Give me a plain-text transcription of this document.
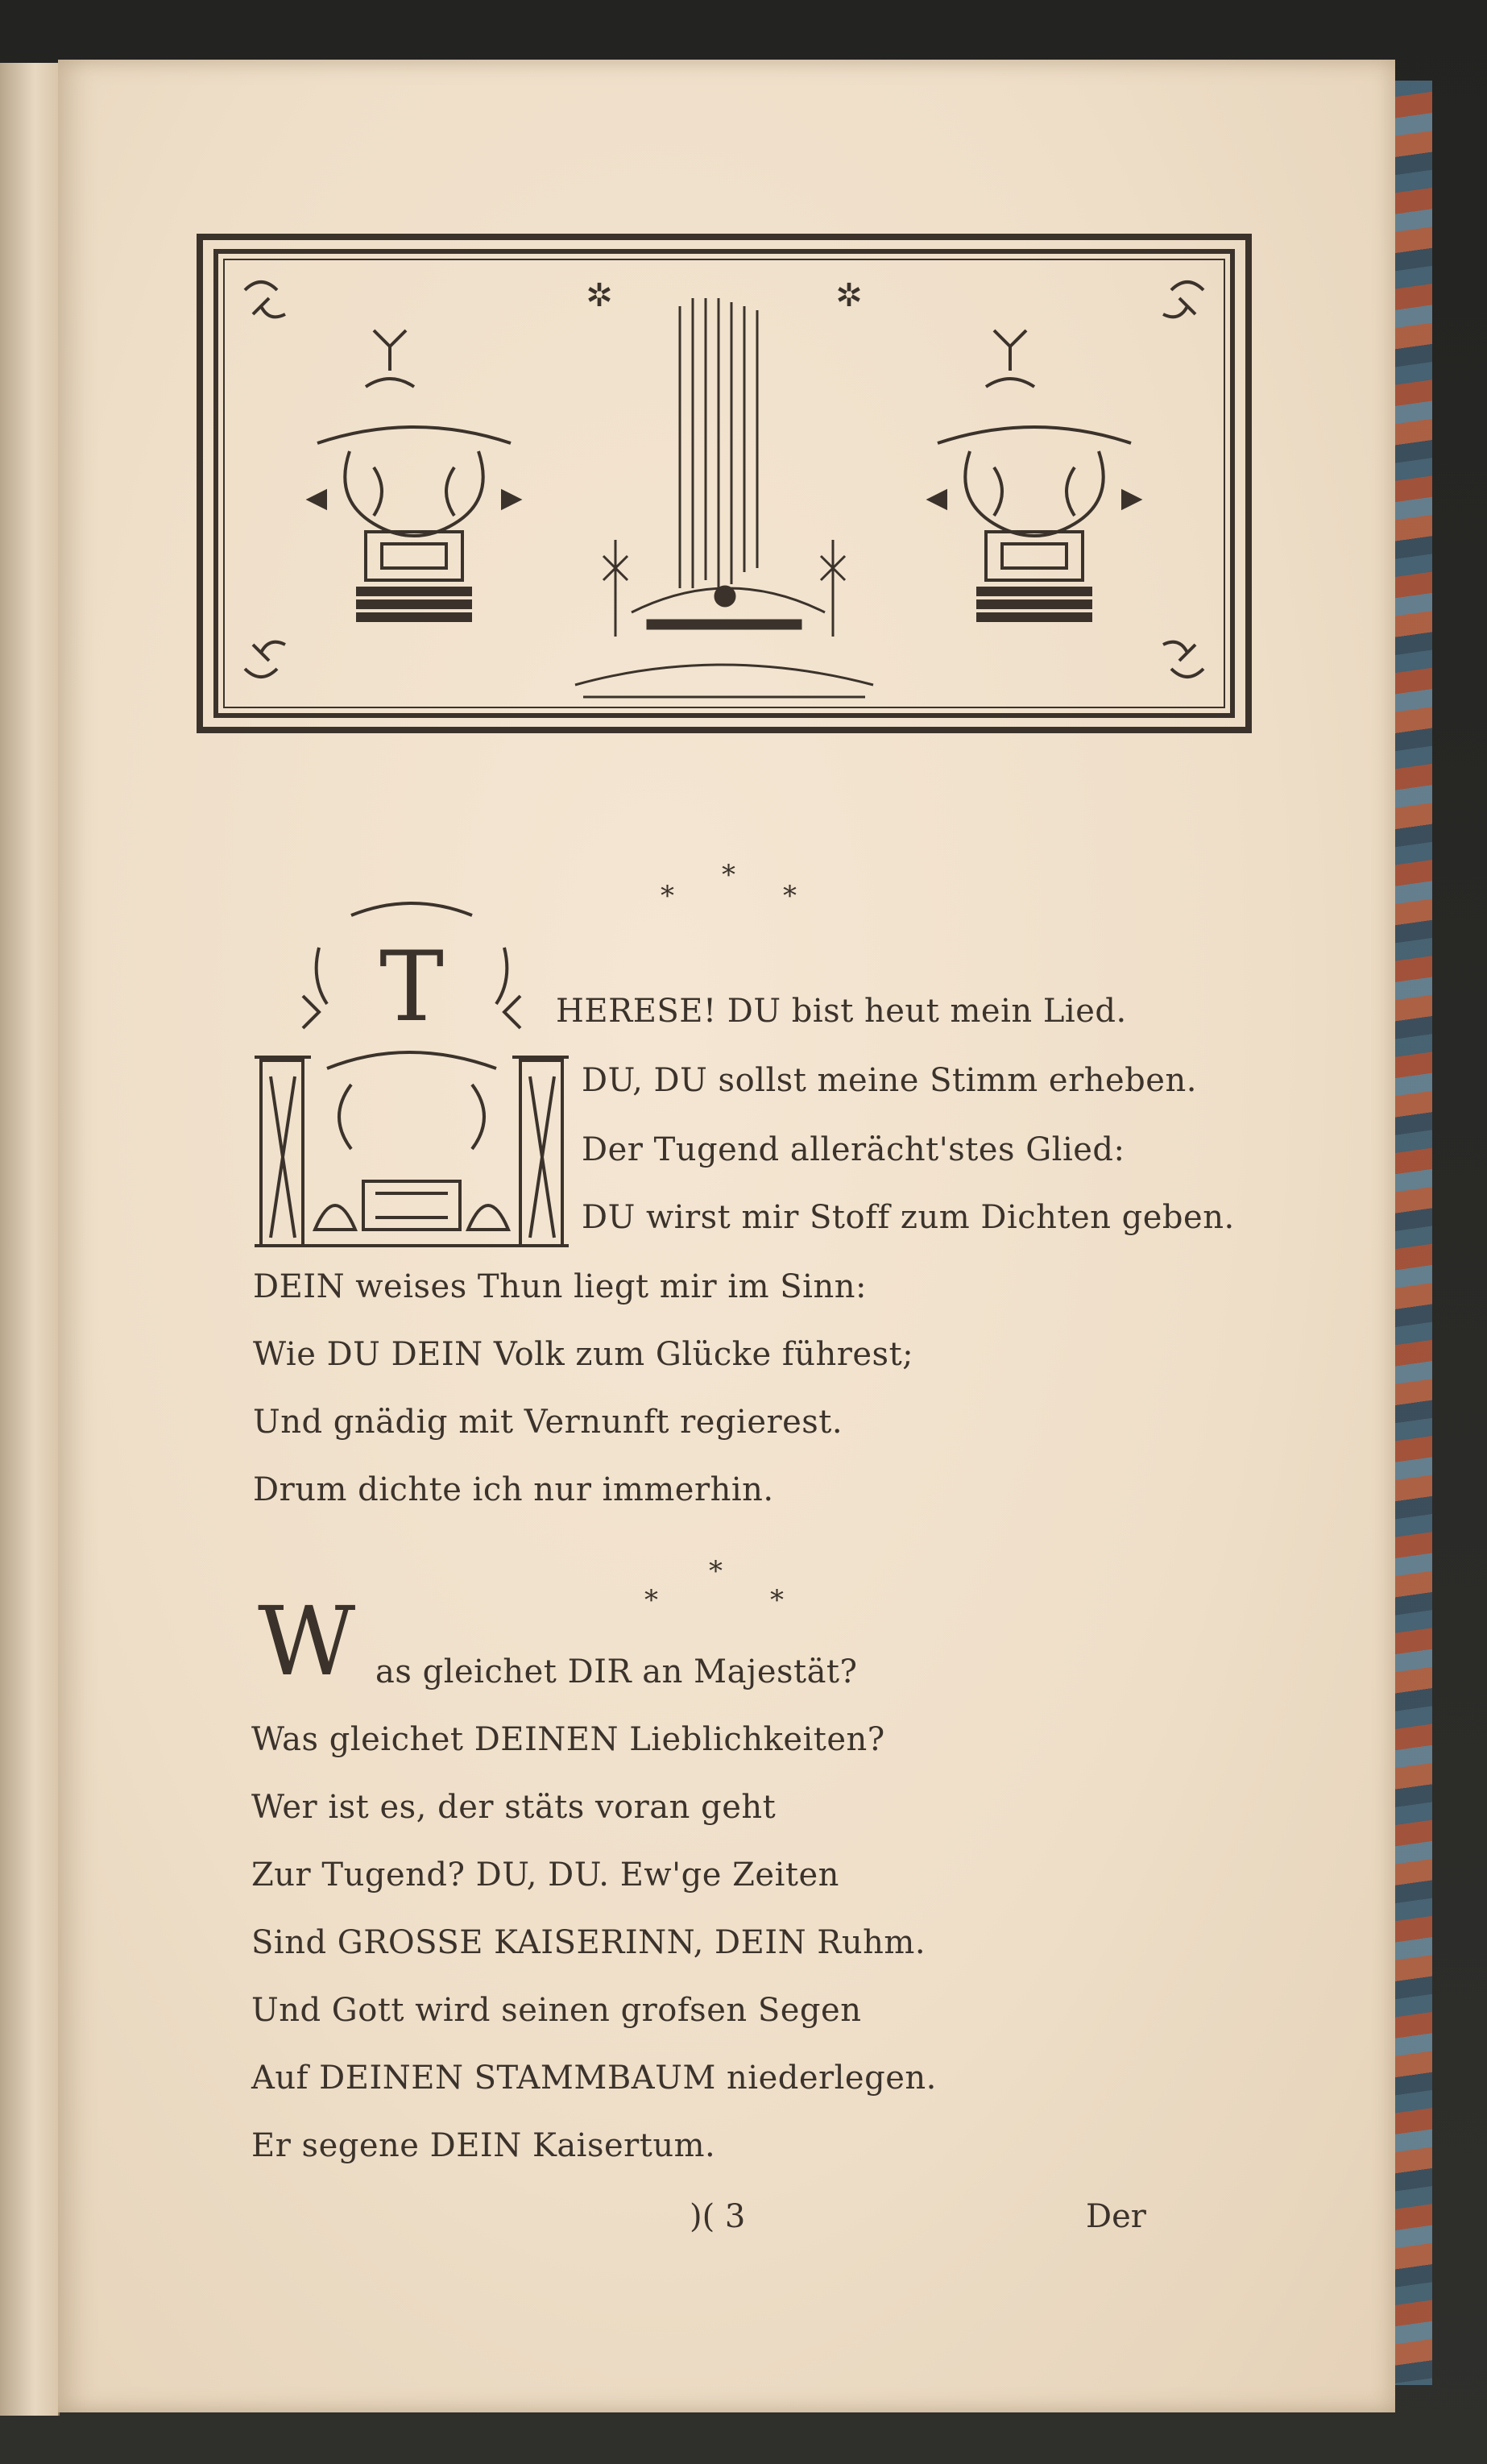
✲	✲
*
*
*
T	HERESE! DU bist heut mein Lied.
DU, DU sollst meine Stimm erheben.
Der Tugend allerächt'stes Glied:
DU wirst mir Stoff zum Dichten geben.
DEIN weises Thun liegt mir im Sinn:
Wie DU DEIN Volk zum Glücke führest;
Und gnädig mit Vernunft regierest.
Drum dichte ich nur immerhin.
*
*
*
W as gleichet DIR an Majestät?
Was gleichet DEINEN Lieblichkeiten?
Wer ist es, der stäts voran geht
Zur Tugend? DU, DU. Ew'ge Zeiten
Sind GROSSE KAISERINN, DEIN Ruhm.
Und Gott wird seinen grofsen Segen
Auf DEINEN STAMMBAUM niederlegen.
Er segene DEIN Kaisertum.
)( 3	Der
